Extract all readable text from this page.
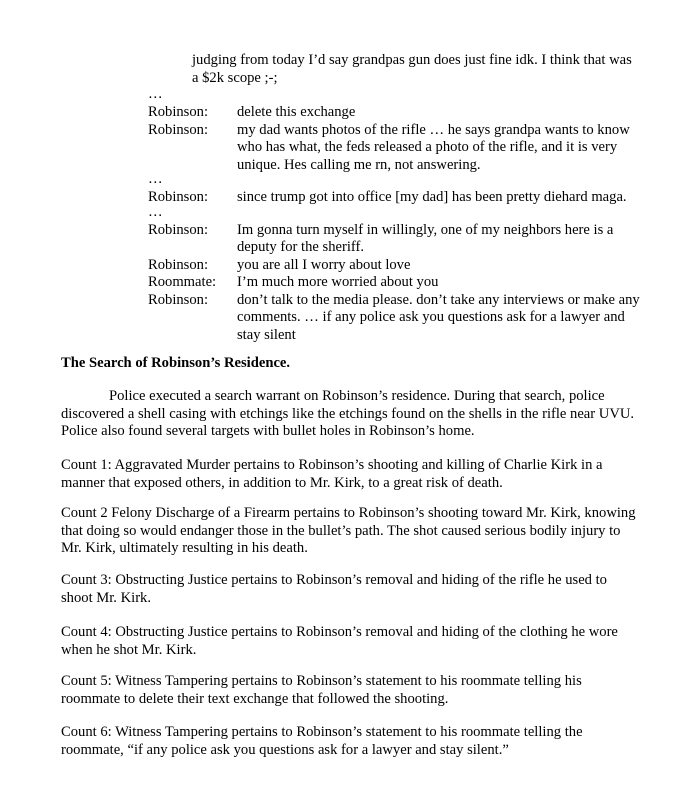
judging from today I’d say grandpas gun does just fine idk. I think that was a $2k scope ;-;
…
Robinson:	delete this exchange
Robinson:	my dad wants photos of the rifle … he says grandpa wants to know who has what, the feds released a photo of the rifle, and it is very unique. Hes calling me rn, not answering.
…
Robinson:	since trump got into office [my dad] has been pretty diehard maga.
…
Robinson:	Im gonna turn myself in willingly, one of my neighbors here is a deputy for the sheriff.
Robinson:	you are all I worry about love
Roommate:	I’m much more worried about you
Robinson:	don’t talk to the media please. don’t take any interviews or make any comments. … if any police ask you questions ask for a lawyer and stay silent
The Search of Robinson’s Residence.
Police executed a search warrant on Robinson’s residence. During that search, police discovered a shell casing with etchings like the etchings found on the shells in the rifle near UVU. Police also found several targets with bullet holes in Robinson’s home.
Count 1: Aggravated Murder pertains to Robinson’s shooting and killing of Charlie Kirk in a manner that exposed others, in addition to Mr. Kirk, to a great risk of death.
Count 2 Felony Discharge of a Firearm pertains to Robinson’s shooting toward Mr. Kirk, knowing that doing so would endanger those in the bullet’s path. The shot caused serious bodily injury to Mr. Kirk, ultimately resulting in his death.
Count 3: Obstructing Justice pertains to Robinson’s removal and hiding of the rifle he used to shoot Mr. Kirk.
Count 4: Obstructing Justice pertains to Robinson’s removal and hiding of the clothing he wore when he shot Mr. Kirk.
Count 5: Witness Tampering pertains to Robinson’s statement to his roommate telling his roommate to delete their text exchange that followed the shooting.
Count 6: Witness Tampering pertains to Robinson’s statement to his roommate telling the roommate, “if any police ask you questions ask for a lawyer and stay silent.”
